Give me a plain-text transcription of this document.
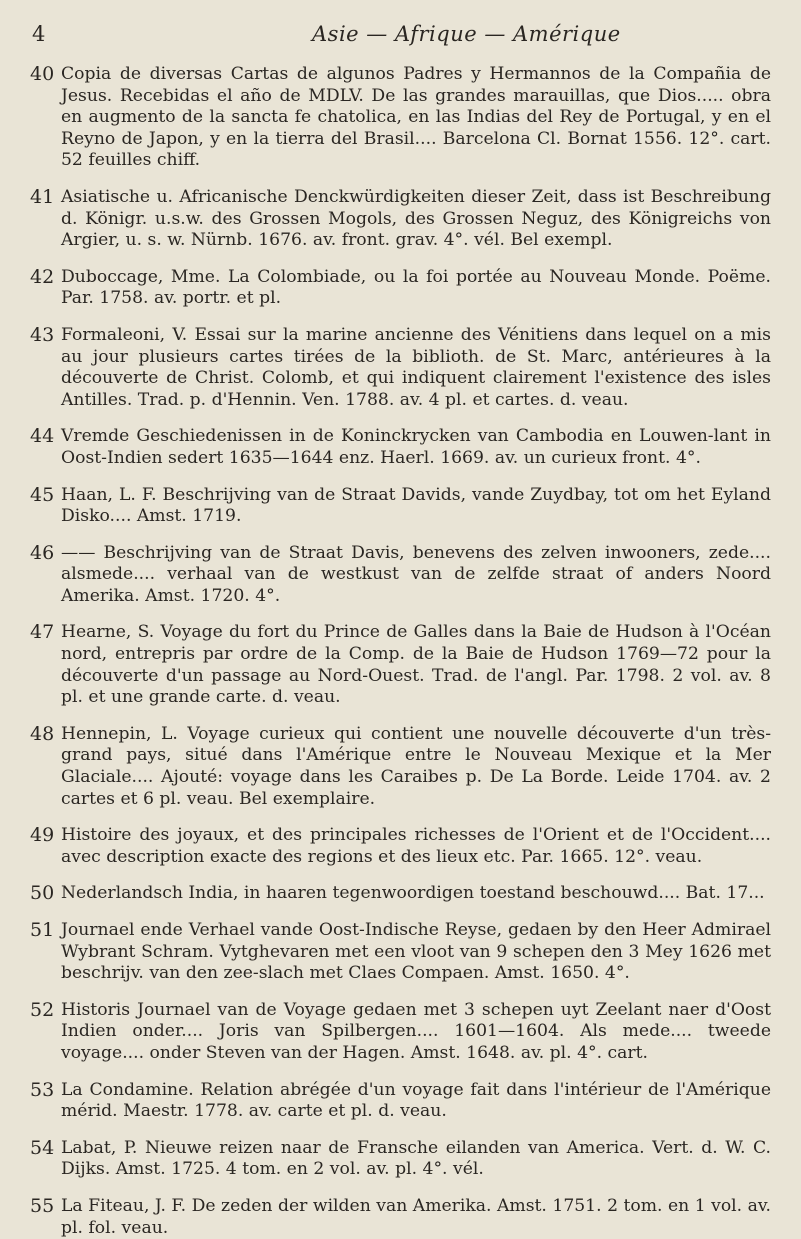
4	Asie — Afrique — Amérique
40 Copia de diversas Cartas de algunos Padres y Hermannos de la Compañia de Jesus. Recebidas el año de MDLV. De las grandes marauillas, que Dios..... obra en augmento de la sancta fe chatolica, en las Indias del Rey de Portugal, y en el Reyno de Japon, y en la tierra del Brasil.... Barcelona Cl. Bornat 1556. 12°. cart. 52 feuilles chiff.
41 Asiatische u. Africanische Denckwürdigkeiten dieser Zeit, dass ist Beschreibung d. Königr. u.s.w. des Grossen Mogols, des Grossen Neguz, des Königreichs von Argier, u. s. w. Nürnb. 1676. av. front. grav. 4°. vél. Bel exempl.
42 Duboccage, Mme. La Colombiade, ou la foi portée au Nouveau Monde. Poëme. Par. 1758. av. portr. et pl.
43 Formaleoni, V. Essai sur la marine ancienne des Vénitiens dans lequel on a mis au jour plusieurs cartes tirées de la biblioth. de St. Marc, antérieures à la découverte de Christ. Colomb, et qui indiquent clairement l'existence des isles Antilles. Trad. p. d'Hennin. Ven. 1788. av. 4 pl. et cartes. d. veau.
44 Vremde Geschiedenissen in de Koninckrycken van Cambodia en Louwen-lant in Oost-Indien sedert 1635—1644 enz. Haerl. 1669. av. un curieux front. 4°.
45 Haan, L. F. Beschrijving van de Straat Davids, vande Zuydbay, tot om het Eyland Disko.... Amst. 1719.
46 —— Beschrijving van de Straat Davis, benevens des zelven inwooners, zede.... alsmede.... verhaal van de westkust van de zelfde straat of anders Noord Amerika. Amst. 1720. 4°.
47 Hearne, S. Voyage du fort du Prince de Galles dans la Baie de Hudson à l'Océan nord, entrepris par ordre de la Comp. de la Baie de Hudson 1769—72 pour la découverte d'un passage au Nord-Ouest. Trad. de l'angl. Par. 1798. 2 vol. av. 8 pl. et une grande carte. d. veau.
48 Hennepin, L. Voyage curieux qui contient une nouvelle découverte d'un très-grand pays, situé dans l'Amérique entre le Nouveau Mexique et la Mer Glaciale.... Ajouté: voyage dans les Caraibes p. De La Borde. Leide 1704. av. 2 cartes et 6 pl. veau. Bel exemplaire.
49 Histoire des joyaux, et des principales richesses de l'Orient et de l'Occident.... avec description exacte des regions et des lieux etc. Par. 1665. 12°. veau.
50 Nederlandsch India, in haaren tegenwoordigen toestand beschouwd.... Bat. 17...
51 Journael ende Verhael vande Oost-Indische Reyse, gedaen by den Heer Admirael Wybrant Schram. Vytghevaren met een vloot van 9 schepen den 3 Mey 1626 met beschrijv. van den zee-slach met Claes Compaen. Amst. 1650. 4°.
52 Historis Journael van de Voyage gedaen met 3 schepen uyt Zeelant naer d'Oost Indien onder.... Joris van Spilbergen.... 1601—1604. Als mede.... tweede voyage.... onder Steven van der Hagen. Amst. 1648. av. pl. 4°. cart.
53 La Condamine. Relation abrégée d'un voyage fait dans l'intérieur de l'Amérique mérid. Maestr. 1778. av. carte et pl. d. veau.
54 Labat, P. Nieuwe reizen naar de Fransche eilanden van America. Vert. d. W. C. Dijks. Amst. 1725. 4 tom. en 2 vol. av. pl. 4°. vél.
55 La Fiteau, J. F. De zeden der wilden van Amerika. Amst. 1751. 2 tom. en 1 vol. av. pl. fol. veau.
